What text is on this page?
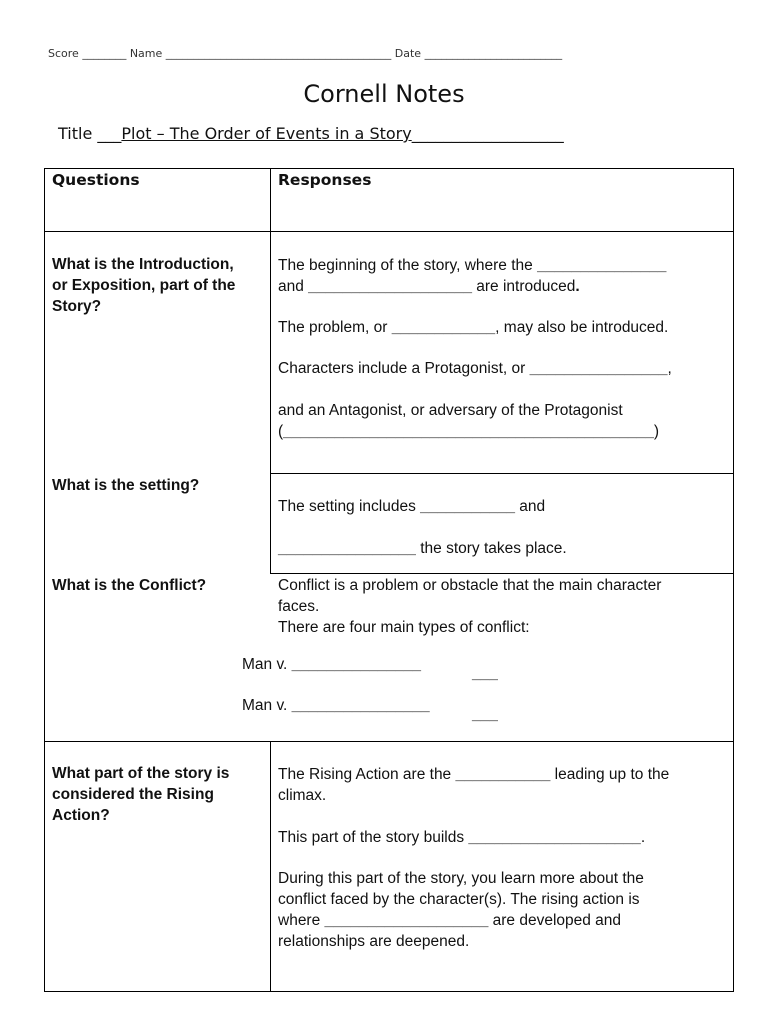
Score ________ Name _________________________________________ Date _________________________
Cornell Notes
Title ___Plot – The Order of Events in a Story___________________
Questions	Responses
What is the Introduction,
or Exposition, part of the
Story?
What is the setting?
What is the Conflict?
What part of the story is
considered the Rising
Action?
The beginning of the story, where the _______________
and ___________________ are introduced.
The problem, or ____________, may also be introduced.
Characters include a Protagonist, or ________________,
and an Antagonist, or adversary of the Protagonist
(___________________________________________)
The setting includes ___________ and
________________ the story takes place.
Conflict is a problem or obstacle that the main character
faces.
There are four main types of conflict:
Man v. _______________
___
Man v. ________________
___
The Rising Action are the ___________ leading up to the
climax.
This part of the story builds ____________________.
During this part of the story, you learn more about the
conflict faced by the character(s). The rising action is
where ___________________ are developed and
relationships are deepened.
